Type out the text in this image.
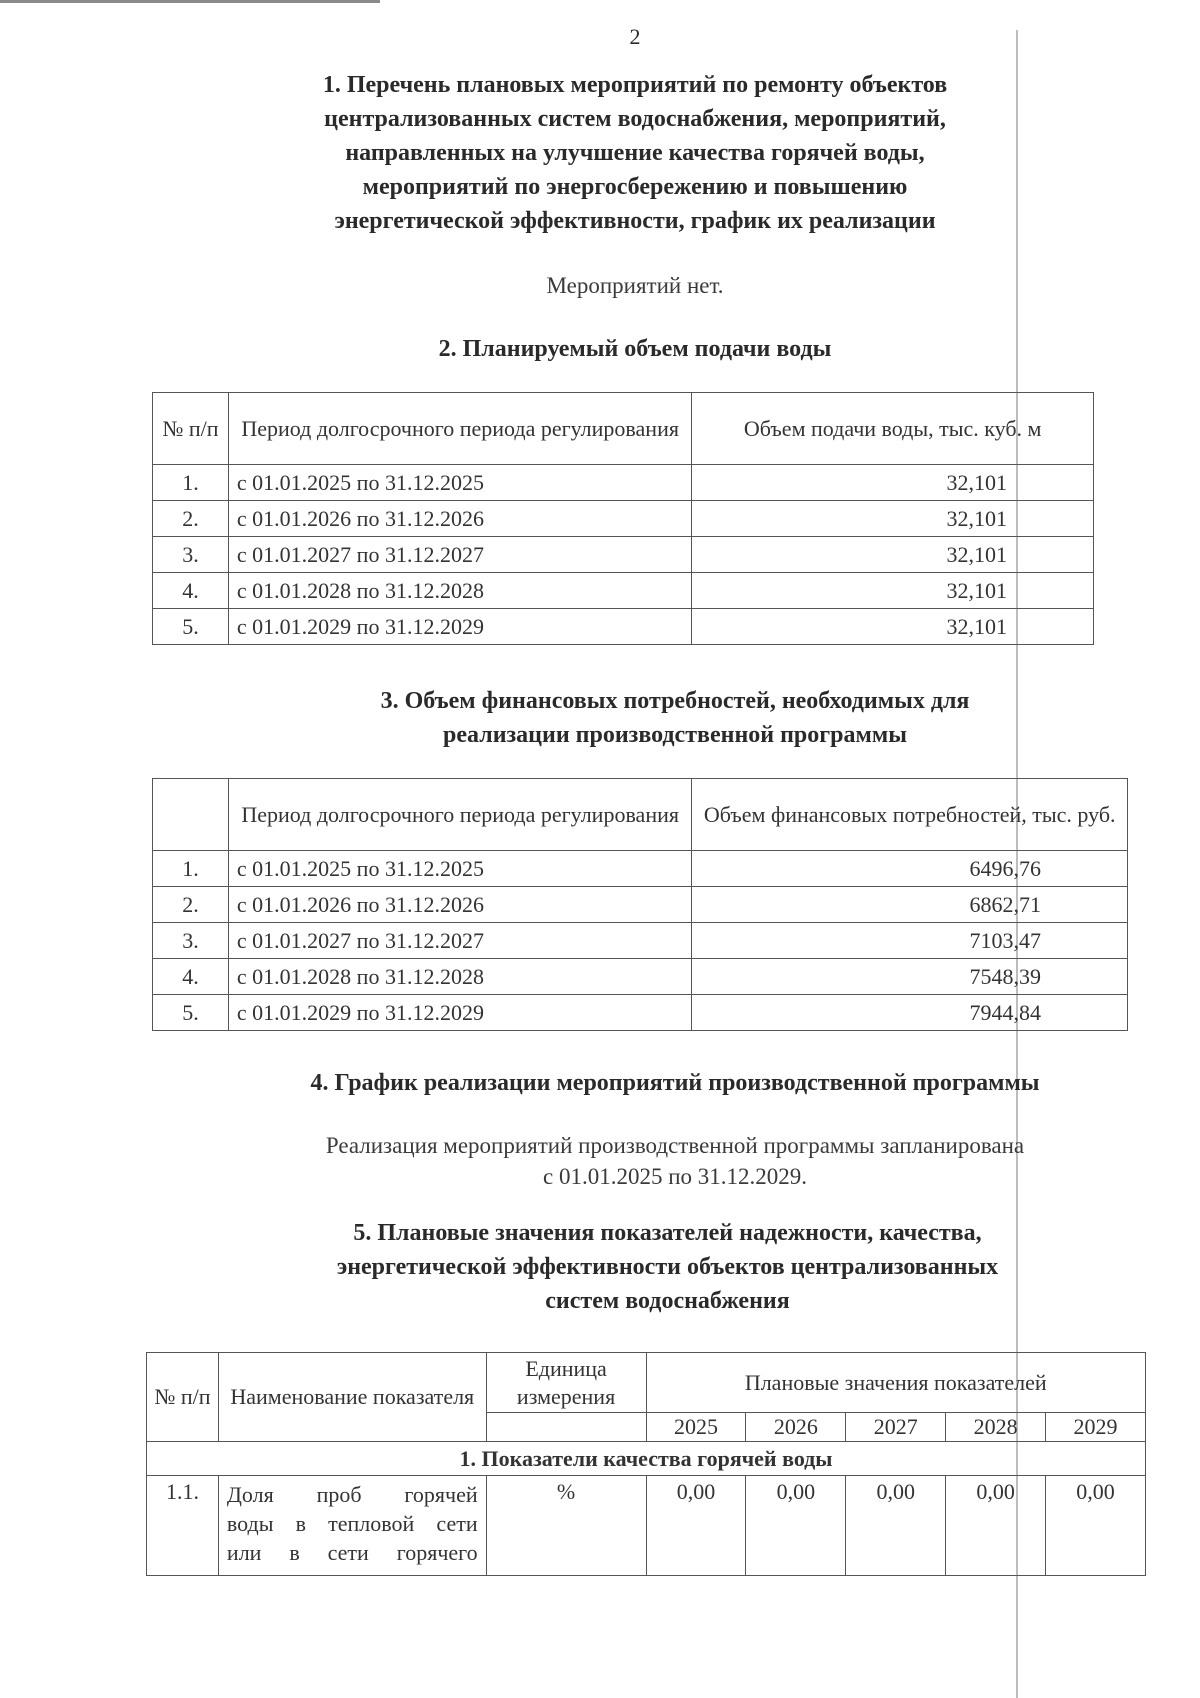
2
1. Перечень плановых мероприятий по ремонту объектов
централизованных систем водоснабжения, мероприятий,
направленных на улучшение качества горячей воды,
мероприятий по энергосбережению и повышению
энергетической эффективности, график их реализации
Мероприятий нет.
2. Планируемый объем подачи воды
№ п/п	Период долгосрочного периода регулирования	Объем подачи воды, тыс. куб. м
1.	с 01.01.2025 по 31.12.2025	32,101
2.	с 01.01.2026 по 31.12.2026	32,101
3.	с 01.01.2027 по 31.12.2027	32,101
4.	с 01.01.2028 по 31.12.2028	32,101
5.	с 01.01.2029 по 31.12.2029	32,101
3. Объем финансовых потребностей, необходимых для
реализации производственной программы
	Период долгосрочного периода регулирования	Объем финансовых потребностей, тыс. руб.
1.	с 01.01.2025 по 31.12.2025	6496,76
2.	с 01.01.2026 по 31.12.2026	6862,71
3.	с 01.01.2027 по 31.12.2027	7103,47
4.	с 01.01.2028 по 31.12.2028	7548,39
5.	с 01.01.2029 по 31.12.2029	7944,84
4. График реализации мероприятий производственной программы
Реализация мероприятий производственной программы запланирована
с 01.01.2025 по 31.12.2029.
5. Плановые значения показателей надежности, качества,
энергетической эффективности объектов централизованных
систем водоснабжения
№ п/п	Наименование показателя	Единица измерения	Плановые значения показателей				
			2025	2026	2027	2028	2029
1. Показатели качества горячей воды							
1.1.	Доля проб горячей
воды в тепловой сети
или в сети горячего	%	0,00	0,00	0,00	0,00	0,00
